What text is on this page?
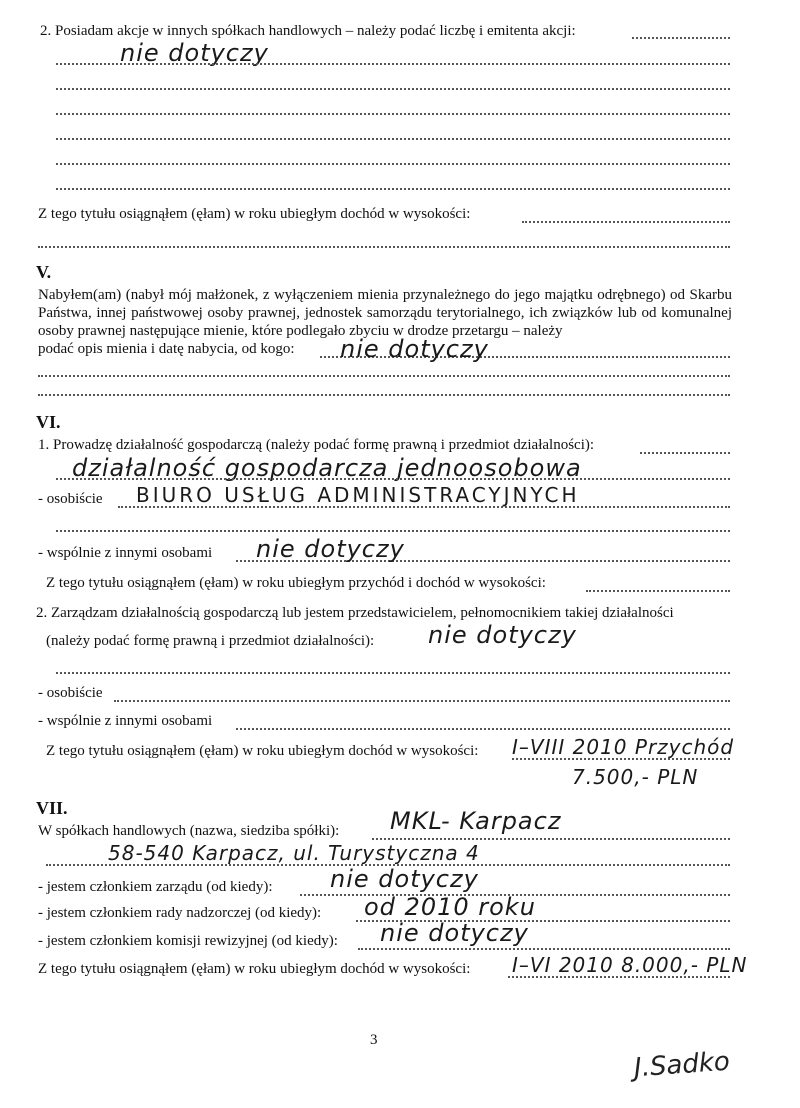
2. Posiadam akcje w innych spółkach handlowych – należy podać liczbę i emitenta akcji:
nie dotyczy
Z tego tytułu osiągnąłem (ęłam) w roku ubiegłym dochód w wysokości:
V.
Nabyłem(am) (nabył mój małżonek, z wyłączeniem mienia przynależnego do jego majątku odrębnego) od Skarbu Państwa, innej państwowej osoby prawnej, jednostek samorządu terytorialnego, ich związków lub od komunalnej osoby prawnej następujące mienie, które podlegało zbyciu w drodze przetargu – należy
podać opis mienia i datę nabycia, od kogo: nie dotyczy
VI.
1. Prowadzę działalność gospodarczą (należy podać formę prawną i przedmiot działalności):
działalność gospodarcza jednoosobowa
- osobiście BIURO USŁUG ADMINISTRACYJNYCH
- wspólnie z innymi osobami nie dotyczy
Z tego tytułu osiągnąłem (ęłam) w roku ubiegłym przychód i dochód w wysokości:
2. Zarządzam działalnością gospodarczą lub jestem przedstawicielem, pełnomocnikiem takiej działalności
(należy podać formę prawną i przedmiot działalności): nie dotyczy
- osobiście
- wspólnie z innymi osobami
Z tego tytułu osiągnąłem (ęłam) w roku ubiegłym dochód w wysokości: I–VIII 2010 Przychód
7.500,- PLN
VII.
W spółkach handlowych (nazwa, siedziba spółki): MKL- Karpacz
58-540 Karpacz, ul. Turystyczna 4
- jestem członkiem zarządu (od kiedy): nie dotyczy
- jestem członkiem rady nadzorczej (od kiedy): od 2010 roku
- jestem członkiem komisji rewizyjnej (od kiedy): nie dotyczy
Z tego tytułu osiągnąłem (ęłam) w roku ubiegłym dochód w wysokości: I–VI 2010 8.000,- PLN
3
J.Sadko
